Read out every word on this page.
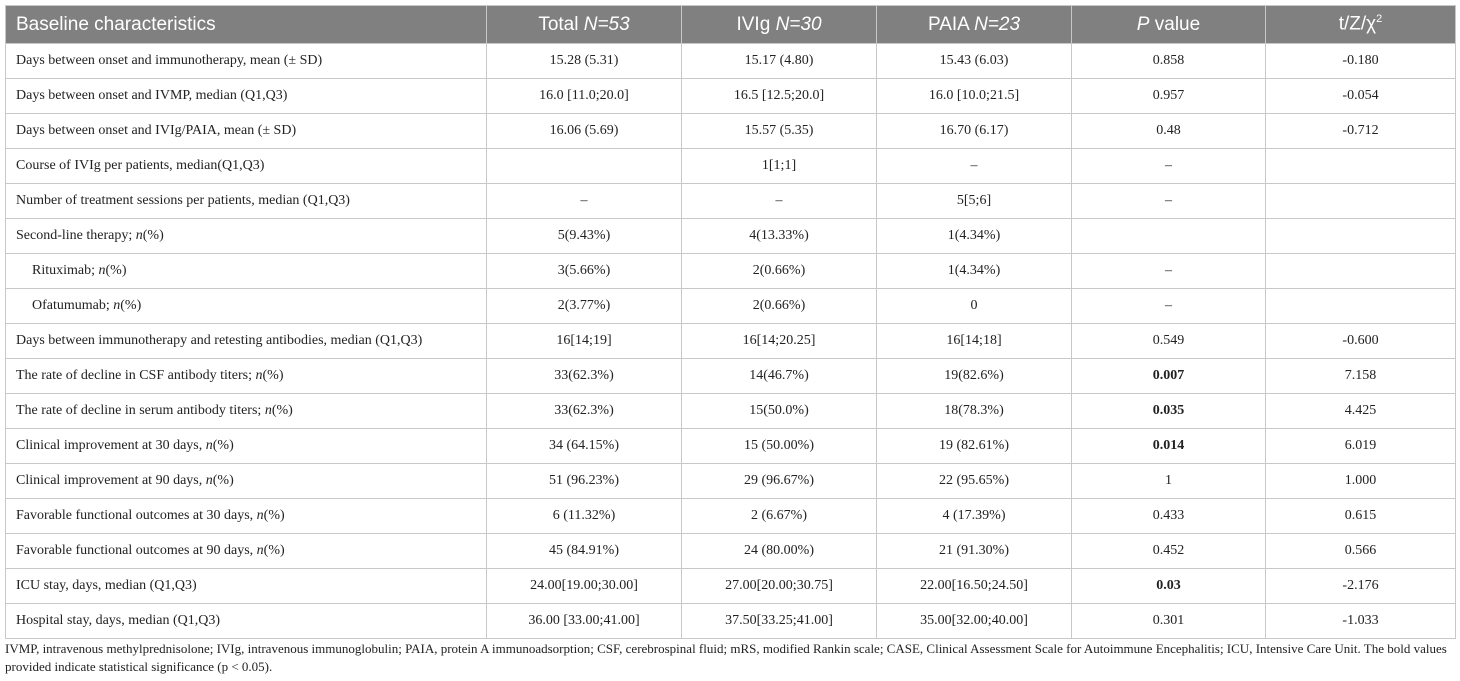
Baseline characteristics	Total N=53	IVIg N=30	PAIA N=23	P value	$t/Z/\chi^2$
Days between onset and immunotherapy, mean (± SD)	15.28 (5.31)	15.17 (4.80)	15.43 (6.03)	0.858	-0.180
Days between onset and IVMP, median (Q1,Q3)	16.0 [11.0;20.0]	16.5 [12.5;20.0]	16.0 [10.0;21.5]	0.957	-0.054
Days between onset and IVIg/PAIA, mean (± SD)	16.06 (5.69)	15.57 (5.35)	16.70 (6.17)	0.48	-0.712
Course of IVIg per patients, median(Q1,Q3)		1[1;1]	–	–	
Number of treatment sessions per patients, median (Q1,Q3)	–	–	5[5;6]	–	
Second-line therapy; n(%)	5(9.43%)	4(13.33%)	1(4.34%)		
Rituximab; n(%)	3(5.66%)	2(0.66%)	1(4.34%)	–	
Ofatumumab; n(%)	2(3.77%)	2(0.66%)	0	–	
Days between immunotherapy and retesting antibodies, median (Q1,Q3)	16[14;19]	16[14;20.25]	16[14;18]	0.549	-0.600
The rate of decline in CSF antibody titers; n(%)	33(62.3%)	14(46.7%)	19(82.6%)	0.007	7.158
The rate of decline in serum antibody titers; n(%)	33(62.3%)	15(50.0%)	18(78.3%)	0.035	4.425
Clinical improvement at 30 days, n(%)	34 (64.15%)	15 (50.00%)	19 (82.61%)	0.014	6.019
Clinical improvement at 90 days, n(%)	51 (96.23%)	29 (96.67%)	22 (95.65%)	1	1.000
Favorable functional outcomes at 30 days, n(%)	6 (11.32%)	2 (6.67%)	4 (17.39%)	0.433	0.615
Favorable functional outcomes at 90 days, n(%)	45 (84.91%)	24 (80.00%)	21 (91.30%)	0.452	0.566
ICU stay, days, median (Q1,Q3)	24.00[19.00;30.00]	27.00[20.00;30.75]	22.00[16.50;24.50]	0.03	-2.176
Hospital stay, days, median (Q1,Q3)	36.00 [33.00;41.00]	37.50[33.25;41.00]	35.00[32.00;40.00]	0.301	-1.033
IVMP, intravenous methylprednisolone; IVIg, intravenous immunoglobulin; PAIA, protein A immunoadsorption; CSF, cerebrospinal fluid; mRS, modified Rankin scale; CASE, Clinical Assessment Scale for Autoimmune Encephalitis; ICU, Intensive Care Unit. The bold values provided indicate statistical significance (p < 0.05).
